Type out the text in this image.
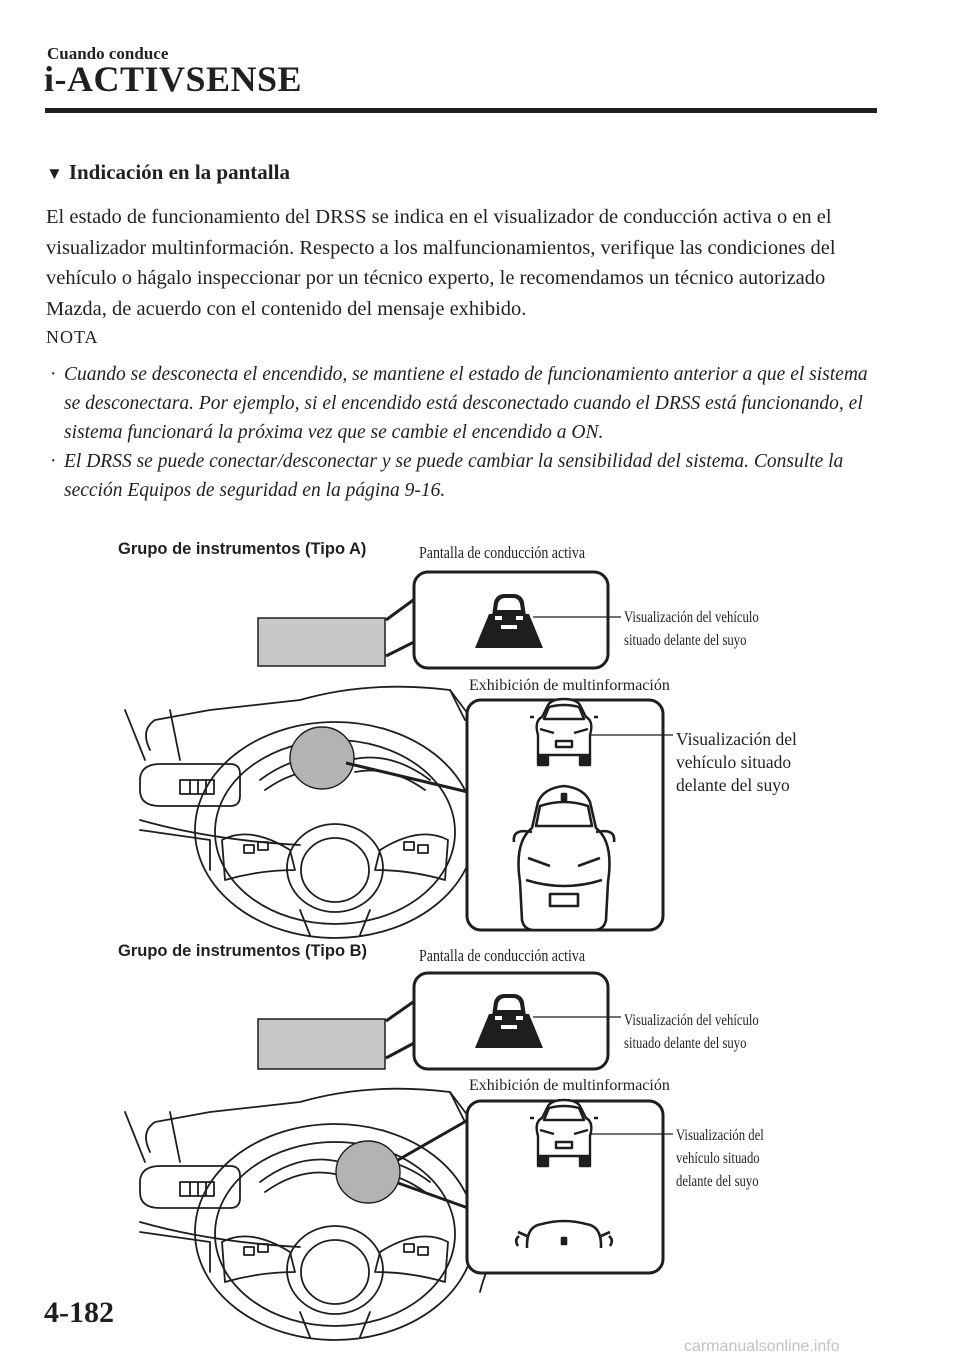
Cuando conduce
i-ACTIVSENSE
▼ Indicación en la pantalla
El estado de funcionamiento del DRSS se indica en el visualizador de conducción activa o en el visualizador multinformación. Respecto a los malfuncionamientos, verifique las condiciones del vehículo o hágalo inspeccionar por un técnico experto, le recomendamos un técnico autorizado Mazda, de acuerdo con el contenido del mensaje exhibido.
NOTA
· Cuando se desconecta el encendido, se mantiene el estado de funcionamiento anterior a que el sistema se desconectara. Por ejemplo, si el encendido está desconectado cuando el DRSS está funcionando, el sistema funcionará la próxima vez que se cambie el encendido a ON.
· El DRSS se puede conectar/desconectar y se puede cambiar la sensibilidad del sistema. Consulte la sección Equipos de seguridad en la página 9-16.
Grupo de instrumentos (Tipo A)	Pantalla de conducción activa
Visualización del vehículo
situado delante del suyo
Exhibición de multinformación
Visualización del
vehículo situado
delante del suyo
Grupo de instrumentos (Tipo B)	Pantalla de conducción activa
Visualización del vehículo
situado delante del suyo
Exhibición de multinformación
Visualización del
vehículo situado
delante del suyo
4-182
carmanualsonline.info
